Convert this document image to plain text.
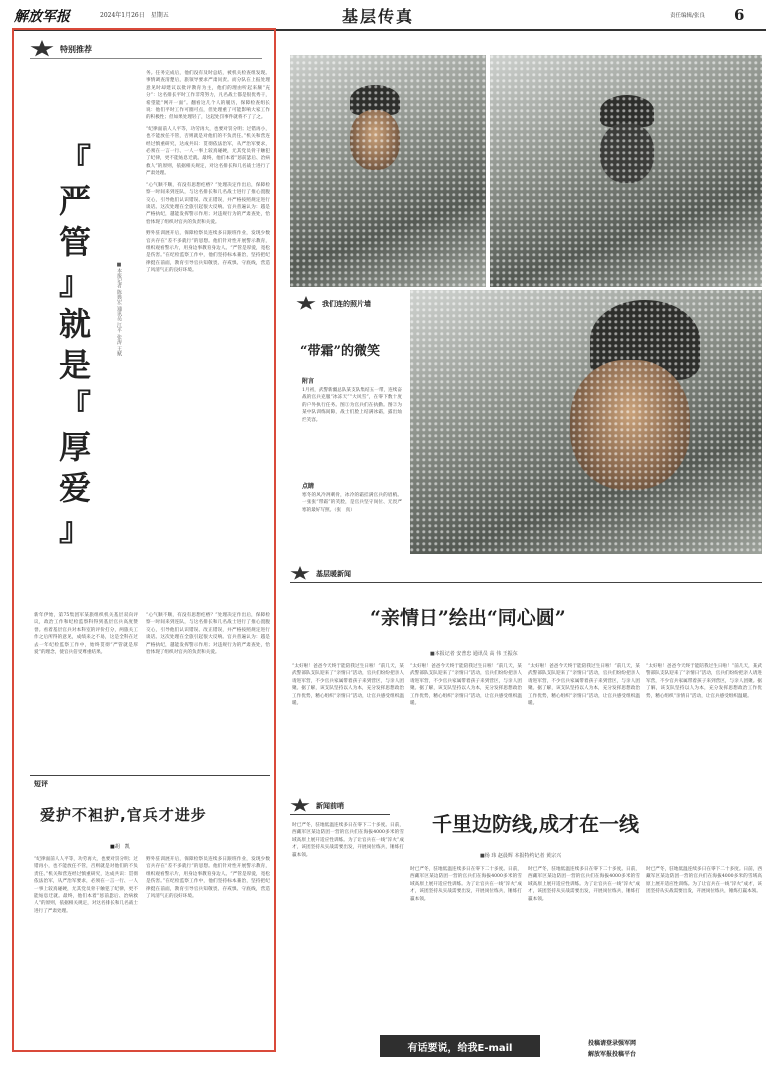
解放军报	2024年1月26日　星期五	基层传真	责任编辑/张良 6
特别推荐
『
严
管
』
就
是
『
厚
爱
』
■本报记者 陈典宏 通讯员 江平 张涛 王赋

务。任务完成后，他们没有及时总结，被机关检查组发现。事情调查清楚后，旅领导要求严肃问责。而分队在上报处理意见时却建议以批评教育为主，他们的理由听起来颇“充分”：这名排长平时工作非常努力，凡名战士都是很优秀干，希望能“网开一面”。翻看这几个人的履历，保障检查组长说：他们平时工作可圈可点，但处理重了可能影响大家工作的积极性；但如果处理轻了，这起处罚事件就将不了了之。

“纪律面前人人平等，功劳再大，也要对罚分明；过错再小，也不能放任不管，否则就是对他们的不负责任。”机关和营连经过慎重研究，达成共识：贯彻依法治军，从严治军要求，必须在一言一行、一人一事上较真碰硬，尤其党员骨干触犯了纪律，更不能姑息迁就。最终，他们本着“惩前毖后、治病救人”的原则，依据相关规定，对这名排长和几名战士进行了严肃处理。

“心气顺不顺，有没有思想疙瘩？”处理决定作出后，保障检察一时间来到连队，与这名排长和几名战士进行了推心置腹交心，引导他们认识错误、改正错误，并严格按照规定进行谈话。这次处理在全旅引起很大反响。官兵普遍认为：越是严格执纪，越能发挥警示作用；对违规行为的严肃查处，恰恰体现了组织对官兵的负责和关爱。

野外驻训展开后，保障检察员连续多日跟班作业，发现少数官兵存在“差不多就行”的思想。他们针对性开展警示教育，组织观看警示片，用身边事教育身边人。“严管是厚爱，宽松是伤害。”在纪检监察工作中，他们坚持标本兼治，坚持把纪律挺在前面，教育引导官兵知敬畏、存戒惧、守底线，营造了风清气正的良好环境。

新年伊始，第75集团军某旅组织机关基层双向评议，政治工作和纪检监察科得到基层官兵高度赞誉。看着基层官兵对本科室的评价打分，两旅关工作之后所得的意见，成绩来之不易，这是全科在过去一年纪检监察工作中，始终贯彻“严管就是厚爱”的理念，使官兵倍受尊重结果。
“心气顺不顺，有没有思想疙瘩？”处理决定作出后，保障检察一时间来到连队，与这名排长和几名战士进行了推心置腹交心，引导他们认识错误、改正错误，并严格按照规定进行谈话。这次处理在全旅引起很大反响。官兵普遍认为：越是严格执纪，越能发挥警示作用；对违规行为的严肃查处，恰恰体现了组织对官兵的负责和关爱。
短评
爱护不袒护,官兵才进步
■胡　凯
“纪律面前人人平等，功劳再大，也要对罚分明；过错再小，也不能放任不管，否则就是对他们的不负责任。”机关和营连经过慎重研究，达成共识：贯彻依法治军，从严治军要求，必须在一言一行、一人一事上较真碰硬，尤其党员骨干触犯了纪律，更不能姑息迁就。最终，他们本着“惩前毖后、治病救人”的原则，依据相关规定，对这名排长和几名战士进行了严肃处理。
野外驻训展开后，保障检察员连续多日跟班作业，发现少数官兵存在“差不多就行”的思想。他们针对性开展警示教育，组织观看警示片，用身边事教育身边人。“严管是厚爱，宽松是伤害。”在纪检监察工作中，他们坚持标本兼治，坚持把纪律挺在前面，教育引导官兵知敬畏、存戒惧、守底线，营造了风清气正的良好环境。
我们连的照片墙
“带霜”的微笑
附言
1月初，武警新疆总队某支队集结五一带，连续奋战的官兵克服“冰冻天”“大风雪”，在零下数十度的户外执行任务。图①为官兵们在执勤。图②为某中队训练间隙，战士们脸上结满冰霜，露出灿烂笑容。
点睛
寒冬的风冷冽刺骨，冰冷的霜挂满官兵的眉梢。一张张“带霜”的笑脸，是官兵坚守岗位、无畏严寒的最好写照。（张　真）
基层暖新闻
“亲情日”绘出“同心圆”
■本报记者 安普忠 通讯员 高 伟 王振东
“太好啦！爸爸今天终于能陪我过生日啦！”前几天，某武警部队支队迎来了“亲情日”活动，官兵们纷纷把亲人请进军营，不少官兵家属带着孩子来到营区，与亲人团聚。据了解，该支队坚持以人为本，充分发挥思想政治工作优势，精心组织“亲情日”活动，让官兵感受组织温暖。
“太好啦！爸爸今天终于能陪我过生日啦！”前几天，某武警部队支队迎来了“亲情日”活动，官兵们纷纷把亲人请进军营，不少官兵家属带着孩子来到营区，与亲人团聚。据了解，该支队坚持以人为本，充分发挥思想政治工作优势，精心组织“亲情日”活动，让官兵感受组织温暖。
“太好啦！爸爸今天终于能陪我过生日啦！”前几天，某武警部队支队迎来了“亲情日”活动，官兵们纷纷把亲人请进军营，不少官兵家属带着孩子来到营区，与亲人团聚。据了解，该支队坚持以人为本，充分发挥思想政治工作优势，精心组织“亲情日”活动，让官兵感受组织温暖。
“太好啦！爸爸今天终于能陪我过生日啦！”前几天，某武警部队支队迎来了“亲情日”活动，官兵们纷纷把亲人请进军营，不少官兵家属带着孩子来到营区，与亲人团聚。据了解，该支队坚持以人为本，充分发挥思想政治工作优势，精心组织“亲情日”活动，让官兵感受组织温暖。
新闻前哨
时已严冬，驻地低温连续多日在零下二十多度。日前，西藏军区某边防团一营的官兵们在海拔4000多米的雪域高原上展开适应性训练。为了让官兵在一线“淬火”成才，该团坚持从实战需要出发，开展岗位练兵，锤炼打赢本领。
千里边防线,成才在一线
■杨 玮 赵晨辉 本报特约记者 黄宗兴
时已严冬，驻地低温连续多日在零下二十多度。日前，西藏军区某边防团一营的官兵们在海拔4000多米的雪域高原上展开适应性训练。为了让官兵在一线“淬火”成才，该团坚持从实战需要出发，开展岗位练兵，锤炼打赢本领。
时已严冬，驻地低温连续多日在零下二十多度。日前，西藏军区某边防团一营的官兵们在海拔4000多米的雪域高原上展开适应性训练。为了让官兵在一线“淬火”成才，该团坚持从实战需要出发，开展岗位练兵，锤炼打赢本领。
时已严冬，驻地低温连续多日在零下二十多度。日前，西藏军区某边防团一营的官兵们在海拔4000多米的雪域高原上展开适应性训练。为了让官兵在一线“淬火”成才，该团坚持从实战需要出发，开展岗位练兵，锤炼打赢本领。
有话要说，给我E-mail	投稿请登录强军网
解放军报投稿平台
